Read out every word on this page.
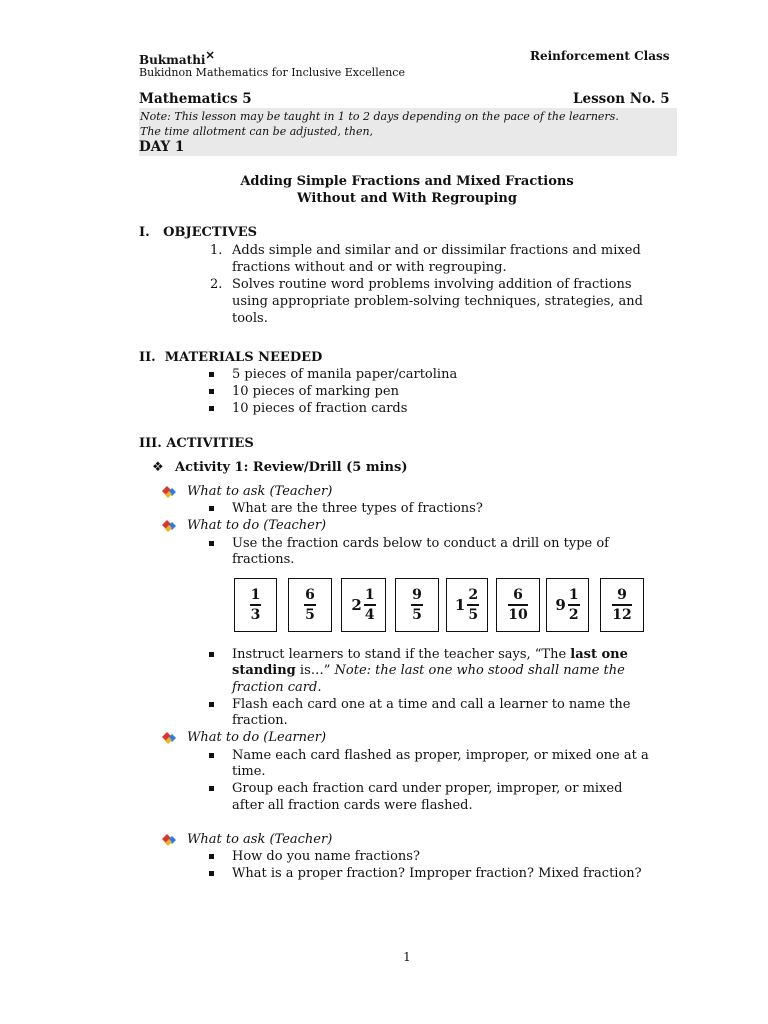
Bukmathi✕	Reinforcement Class
Bukidnon Mathematics for Inclusive Excellence
Mathematics 5	Lesson No. 5
Note: This lesson may be taught in 1 to 2 days depending on the pace of the learners.
The time allotment can be adjusted, then,
DAY 1
Adding Simple Fractions and Mixed Fractions
Without and With Regrouping
I.   OBJECTIVES
1. Adds simple and similar and or dissimilar fractions and mixed
fractions without and or with regrouping.
2. Solves routine word problems involving addition of fractions
using appropriate problem-solving techniques, strategies, and
tools.
II.  MATERIALS NEEDED
5 pieces of manila paper/cartolina
10 pieces of marking pen
10 pieces of fraction cards
III. ACTIVITIES
❖ Activity 1: Review/Drill (5 mins)
What to ask (Teacher)
What are the three types of fractions?
What to do (Teacher)
Use the fraction cards below to conduct a drill on type of
fractions.
$\frac{1}{3}$	$\frac{6}{5} 2 \frac{1}{4}$	$\frac{9}{5} 1 \frac{2}{5} \frac{6}{10} 9 \frac{1}{2} \frac{9}{12}$
Instruct learners to stand if the teacher says, “The last one
standing is…” Note: the last one who stood shall name the
fraction card.
Flash each card one at a time and call a learner to name the
fraction.
What to do (Learner)
Name each card flashed as proper, improper, or mixed one at a
time.
Group each fraction card under proper, improper, or mixed
after all fraction cards were flashed.
What to ask (Teacher)
How do you name fractions?
What is a proper fraction? Improper fraction? Mixed fraction?
1
